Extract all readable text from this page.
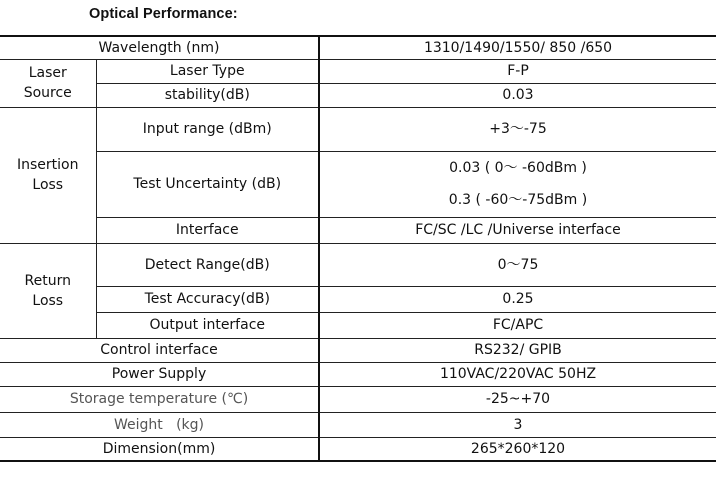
Optical Performance:
Wavelength (nm)		1310/1490/1550/ 850 /650

Laser
Source	Laser Type	F-P
	stability(dB)	0.03

Insertion
Loss	Input range (dBm)	+3～-75
	Test Uncertainty (dB)	0.03 ( 0～ -60dBm )
0.3 ( -60～-75dBm )

	Interface	FC/SC /LC /Universe interface

Return
Loss	Detect Range(dB)	0～75
	Test Accuracy(dB)	0.25
	Output interface	FC/APC
Control interface		RS232/ GPIB
Power Supply		110VAC/220VAC 50HZ
Storage temperature (℃)		-25~+70
Weight   (kg)		3
Dimension(mm)		265*260*120
